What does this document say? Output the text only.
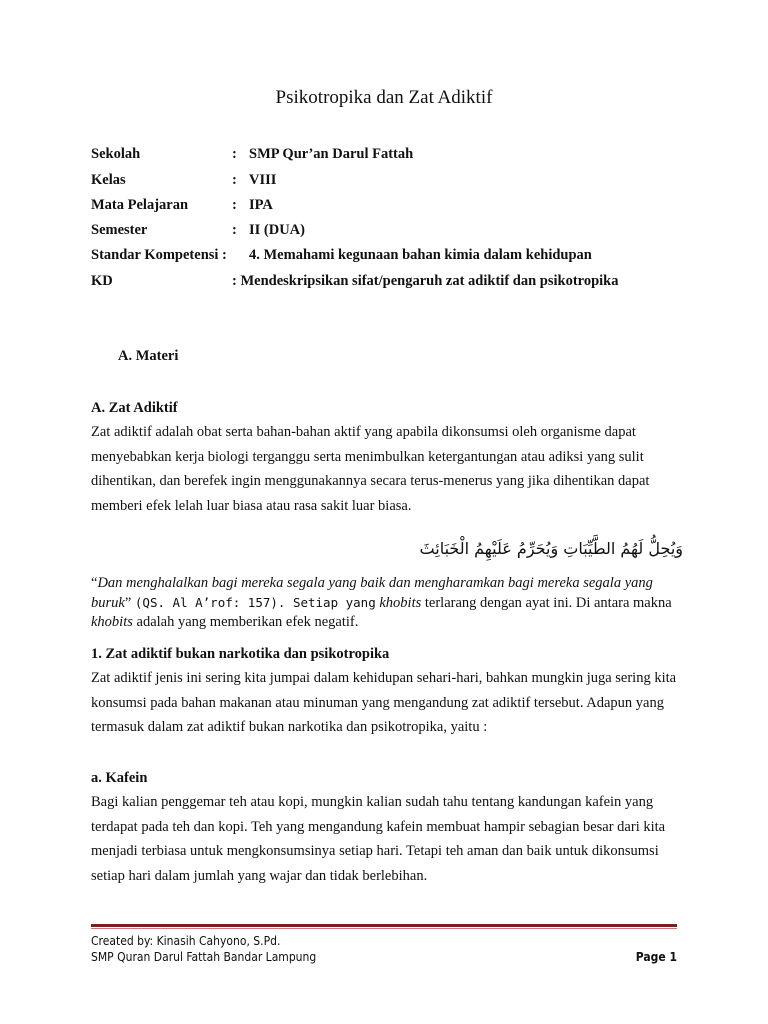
Psikotropika dan Zat Adiktif
Sekolah	: SMP Qur’an Darul Fattah
Kelas	: VIII
Mata Pelajaran	: IPA
Semester	: II (DUA)
Standar Kompetensi : 4. Memahami kegunaan bahan kimia dalam kehidupan
KD	: Mendeskripsikan sifat/pengaruh zat adiktif dan psikotropika
A. Materi
A. Zat Adiktif

Zat adiktif adalah obat serta bahan-bahan aktif yang apabila dikonsumsi oleh organisme dapat menyebabkan kerja biologi terganggu serta menimbulkan ketergantungan atau adiksi yang sulit dihentikan, dan berefek ingin menggunakannya secara terus-menerus yang jika dihentikan dapat memberi efek lelah luar biasa atau rasa sakit luar biasa.

وَيُحِلُّ لَهُمُ الطَّيِّبَاتِ وَيُحَرِّمُ عَلَيْهِمُ الْخَبَائِثَ

“Dan menghalalkan bagi mereka segala yang baik dan mengharamkan bagi mereka segala yang buruk” (QS. Al A’rof: 157). Setiap yang khobits terlarang dengan ayat ini. Di antara makna khobits adalah yang memberikan efek negatif.

1. Zat adiktif bukan narkotika dan psikotropika

Zat adiktif jenis ini sering kita jumpai dalam kehidupan sehari-hari, bahkan mungkin juga sering kita konsumsi pada bahan makanan atau minuman yang mengandung zat adiktif tersebut. Adapun yang termasuk dalam zat adiktif bukan narkotika dan psikotropika, yaitu :

a. Kafein

Bagi kalian penggemar teh atau kopi, mungkin kalian sudah tahu tentang kandungan kafein yang terdapat pada teh dan kopi. Teh yang mengandung kafein membuat hampir sebagian besar dari kita menjadi terbiasa untuk mengkonsumsinya setiap hari. Tetapi teh aman dan baik untuk dikonsumsi setiap hari dalam jumlah yang wajar dan tidak berlebihan.

Created by: Kinasih Cahyono, S.Pd.
SMP Quran Darul Fattah Bandar Lampung	Page 1
